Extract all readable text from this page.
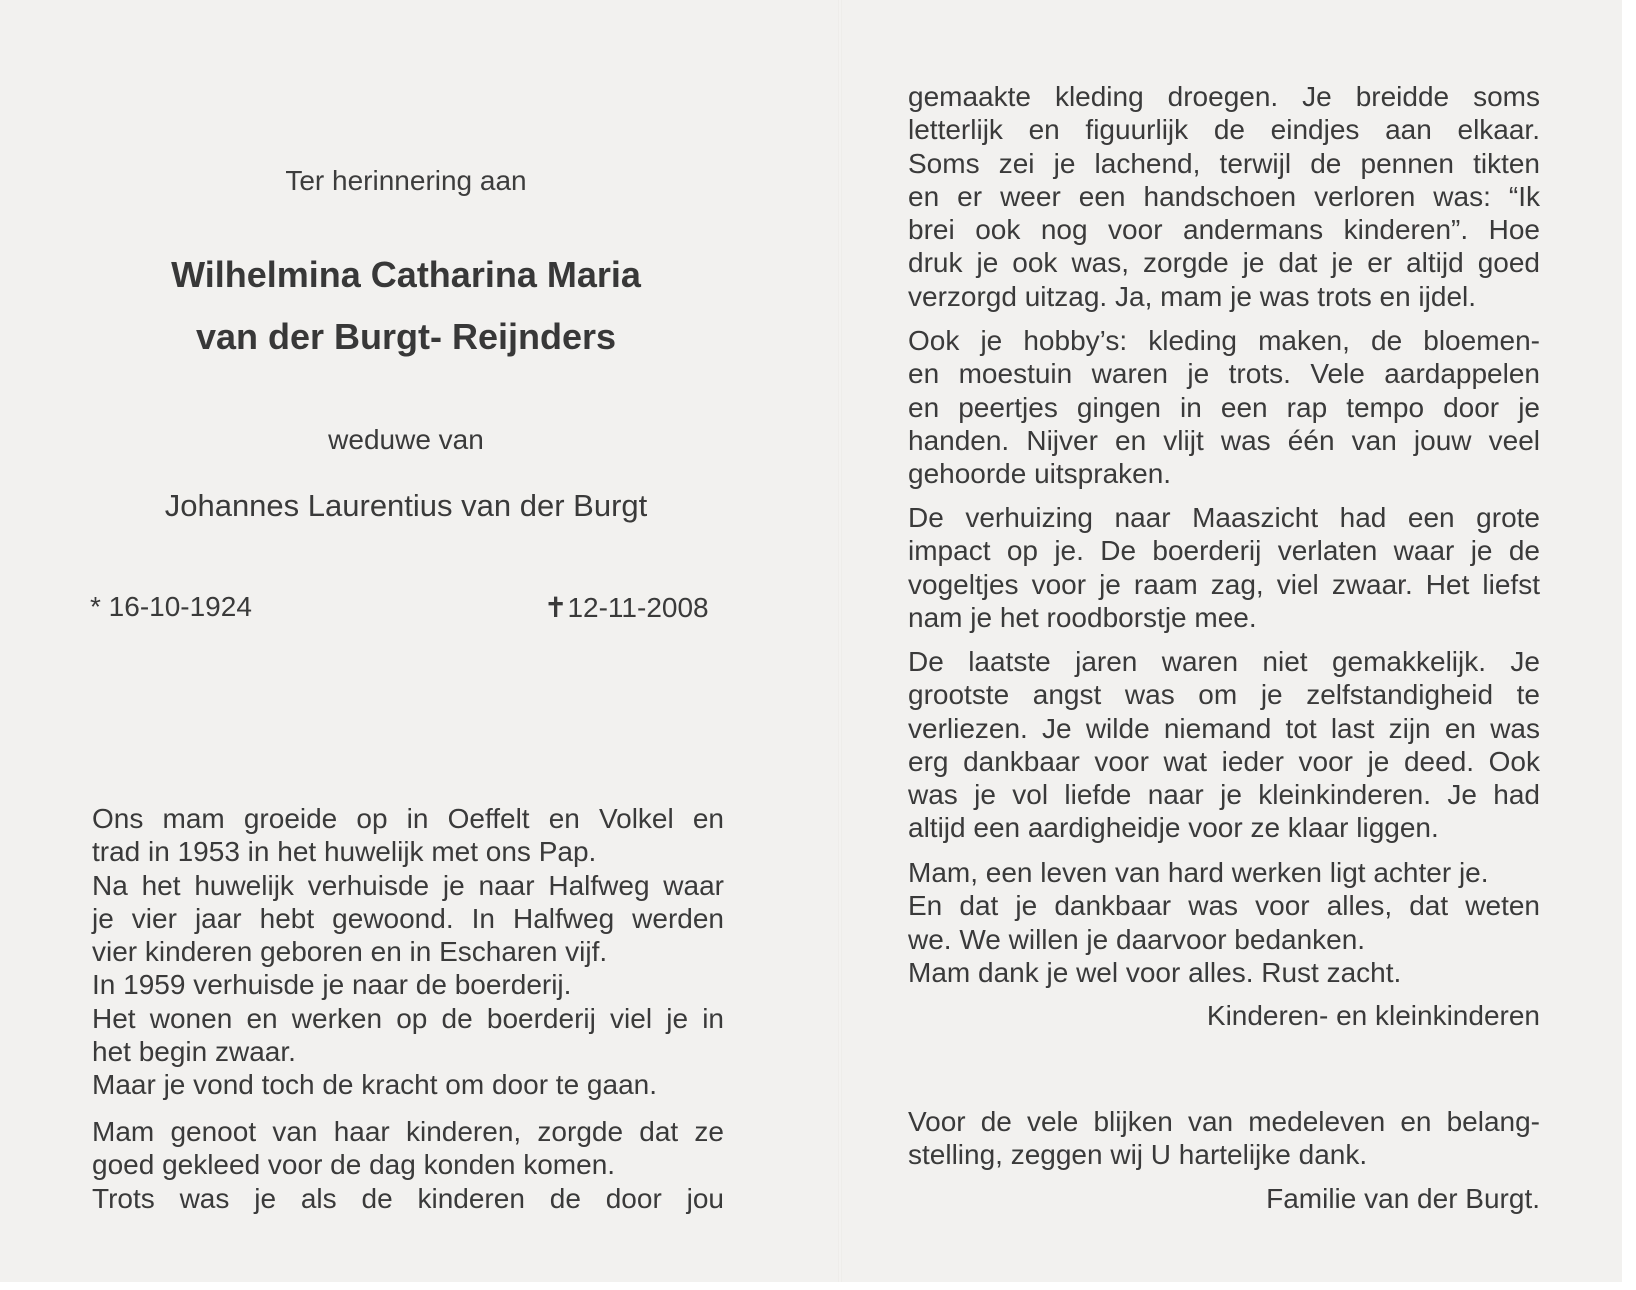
Ter herinnering aan
Wilhelmina Catharina Maria
van der Burgt- Reijnders
weduwe van
Johannes Laurentius van der Burgt
* 16-10-1924	✝12-11-2008
Ons mam groeide op in Oeffelt en Volkel en
trad in 1953 in het huwelijk met ons Pap.
Na het huwelijk verhuisde je naar Halfweg waar
je vier jaar hebt gewoond. In Halfweg werden
vier kinderen geboren en in Escharen vijf.
In 1959 verhuisde je naar de boerderij.
Het wonen en werken op de boerderij viel je in
het begin zwaar.
Maar je vond toch de kracht om door te gaan.
Mam genoot van haar kinderen, zorgde dat ze
goed gekleed voor de dag konden komen.
Trots was je als de kinderen de door jou
gemaakte kleding droegen. Je breidde soms
letterlijk en figuurlijk de eindjes aan elkaar.
Soms zei je lachend, terwijl de pennen tikten
en er weer een handschoen verloren was: “Ik
brei ook nog voor andermans kinderen”. Hoe
druk je ook was, zorgde je dat je er altijd goed
verzorgd uitzag. Ja, mam je was trots en ijdel.
Ook je hobby’s: kleding maken, de bloemen-
en moestuin waren je trots. Vele aardappelen
en peertjes gingen in een rap tempo door je
handen. Nijver en vlijt was één van jouw veel
gehoorde uitspraken.
De verhuizing naar Maaszicht had een grote
impact op je. De boerderij verlaten waar je de
vogeltjes voor je raam zag, viel zwaar. Het liefst
nam je het roodborstje mee.
De laatste jaren waren niet gemakkelijk. Je
grootste angst was om je zelfstandigheid te
verliezen. Je wilde niemand tot last zijn en was
erg dankbaar voor wat ieder voor je deed. Ook
was je vol liefde naar je kleinkinderen. Je had
altijd een aardigheidje voor ze klaar liggen.
Mam, een leven van hard werken ligt achter je.
En dat je dankbaar was voor alles, dat weten
we. We willen je daarvoor bedanken.
Mam dank je wel voor alles. Rust zacht.
Kinderen- en kleinkinderen
Voor de vele blijken van medeleven en belang-
stelling, zeggen wij U hartelijke dank.
Familie van der Burgt.
